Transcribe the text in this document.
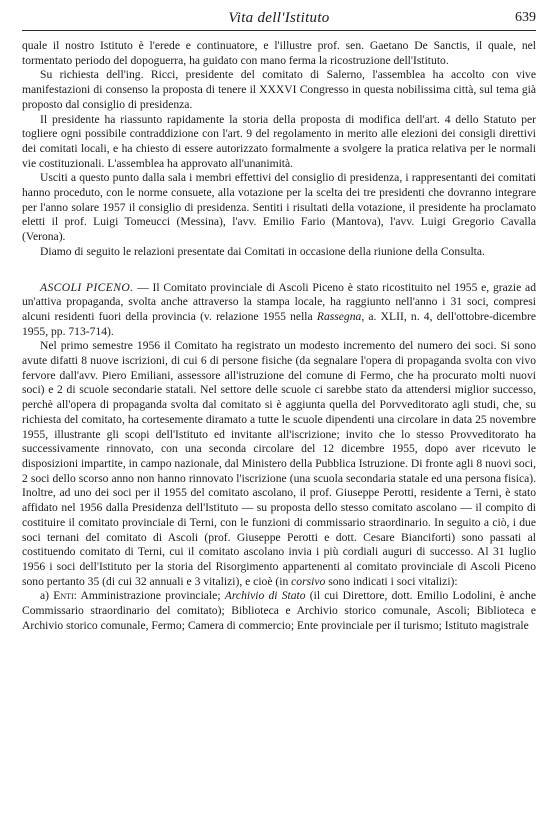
Vita dell'Istituto	639

quale il nostro Istituto è l'erede e continuatore, e l'illustre prof. sen. Gaetano De Sanctis, il quale, nel tormentato periodo del dopoguerra, ha guidato con mano ferma la ricostruzione dell'Istituto.

Su richiesta dell'ing. Ricci, presidente del comitato di Salerno, l'assemblea ha accolto con vive manifestazioni di consenso la proposta di tenere il XXXVI Congresso in questa nobilissima città, sul tema già proposto dal consiglio di presidenza.

Il presidente ha riassunto rapidamente la storia della proposta di modifica dell'art. 4 dello Statuto per togliere ogni possibile contraddizione con l'art. 9 del regolamento in merito alle elezioni dei consigli direttivi dei comitati locali, e ha chiesto di essere autorizzato formalmente a svolgere la pratica relativa per le normali vie costituzionali. L'assemblea ha approvato all'unanimità.

Usciti a questo punto dalla sala i membri effettivi del consiglio di presidenza, i rappresentanti dei comitati hanno proceduto, con le norme consuete, alla votazione per la scelta dei tre presidenti che dovranno integrare per l'anno solare 1957 il consiglio di presidenza. Sentiti i risultati della votazione, il presidente ha proclamato eletti il prof. Luigi Tomeucci (Messina), l'avv. Emilio Fario (Mantova), l'avv. Luigi Gregorio Cavalla (Verona).

Diamo di seguito le relazioni presentate dai Comitati in occasione della riunione della Consulta.

ASCOLI PICENO. — Il Comitato provinciale di Ascoli Piceno è stato ricostituito nel 1955 e, grazie ad un'attiva propaganda, svolta anche attraverso la stampa locale, ha raggiunto nell'anno i 31 soci, compresi alcuni residenti fuori della provincia (v. relazione 1955 nella Rassegna, a. XLII, n. 4, dell'ottobre-dicembre 1955, pp. 713-714).

Nel primo semestre 1956 il Comitato ha registrato un modesto incremento del numero dei soci. Si sono avute difatti 8 nuove iscrizioni, di cui 6 di persone fisiche (da segnalare l'opera di propaganda svolta con vivo fervore dall'avv. Piero Emiliani, assessore all'istruzione del comune di Fermo, che ha procurato molti nuovi soci) e 2 di scuole secondarie statali. Nel settore delle scuole ci sarebbe stato da attendersi miglior successo, perchè all'opera di propaganda svolta dal comitato si è aggiunta quella del Porvveditorato agli studi, che, su richiesta del comitato, ha cortesemente diramato a tutte le scuole dipendenti una circolare in data 25 novembre 1955, illustrante gli scopi dell'Istituto ed invitante all'iscrizione; invito che lo stesso Provveditorato ha successivamente rinnovato, con una seconda circolare del 12 dicembre 1955, dopo aver ricevuto le disposizioni impartite, in campo nazionale, dal Ministero della Pubblica Istruzione. Di fronte agli 8 nuovi soci, 2 soci dello scorso anno non hanno rinnovato l'iscrizione (una scuola secondaria statale ed una persona fisica). Inoltre, ad uno dei soci per il 1955 del comitato ascolano, il prof. Giuseppe Perotti, residente a Terni, è stato affidato nel 1956 dalla Presidenza dell'Istituto — su proposta dello stesso comitato ascolano — il compito di costituire il comitato provinciale di Terni, con le funzioni di commissario straordinario. In seguito a ciò, i due soci ternani del comitato di Ascoli (prof. Giuseppe Perotti e dott. Cesare Bianciforti) sono passati al costituendo comitato di Terni, cui il comitato ascolano invia i più cordiali auguri di successo. Al 31 luglio 1956 i soci dell'Istituto per la storia del Risorgimento appartenenti al comitato provinciale di Ascoli Piceno sono pertanto 35 (di cui 32 annuali e 3 vitalizi), e cioè (in corsivo sono indicati i soci vitalizi):

a) Enti: Amministrazione provinciale; Archivio di Stato (il cui Direttore, dott. Emilio Lodolini, è anche Commissario straordinario del comitato); Biblioteca e Archivio storico comunale, Ascoli; Biblioteca e Archivio storico comunale, Fermo; Camera di commercio; Ente provinciale per il turismo; Istituto magistrale
